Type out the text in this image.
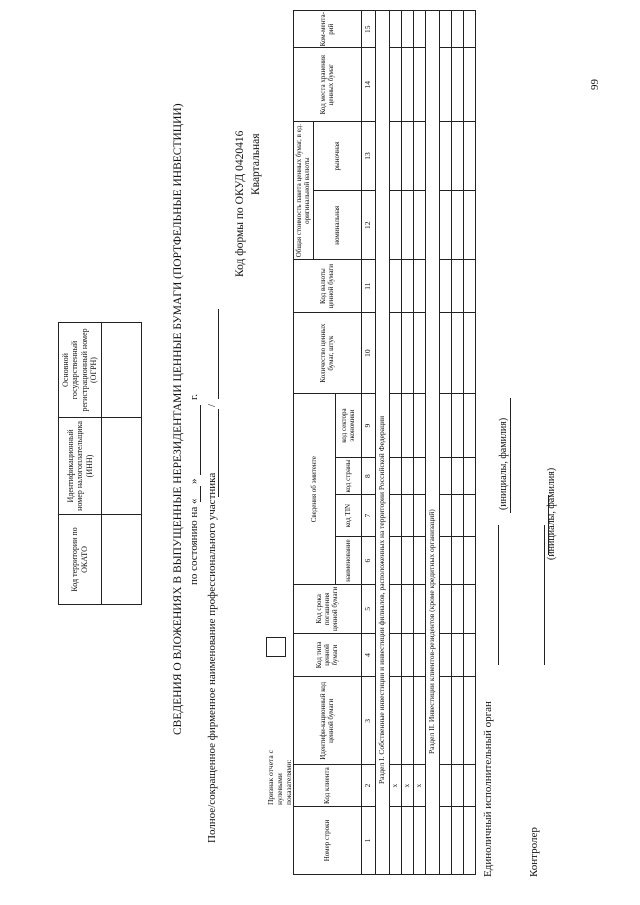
Код территории по ОКАТО	Идентификационный номер налогоплательщика (ИНН)	Основной государственный регистрационный номер (ОГРН)
			СВЕДЕНИЯ О ВЛОЖЕНИЯХ В ВЫПУЩЕННЫЕ НЕРЕЗИДЕНТАМИ ЦЕННЫЕ БУМАГИ (ПОРТФЕЛЬНЫЕ ИНВЕСТИЦИИ) по состоянию на «
»
г.
Полное/сокращенное фирменное наименование профессионального участника
/
Код формы по ОКУД 0420416 Квартальная
Признак отчета с нулевыми показателями:
Номер строки	Код клиента	Идентифи-кационный код ценной бумаги	Код типа ценной бумаги	Код срока погашения ценной бумаги	Сведения об эмитенте				Количество ценных бумаг, штук	Код валюты ценной бумаги	Общая стоимость пакета ценных бумаг, в ед. оригинальной валюты		Код места хранения ценных бумаг	Ком-мента-рий
											номинальная	рыночная		
					наименование	код TIN	код страны	код сектора экономики						
1	2	3	4	5	6	7	8	9	10	11	12	13	14	15
Раздел I. Собственные инвестиции и инвестиции филиалов, расположенных на территории Российской Федерации														
	х													
	х													
	х													
Раздел II. Инвестиции клиентов-резидентов (кроме кредитных организаций)														

Единоличный исполнительный орган
(инициалы, фамилия)
Контролер
(инициалы, фамилия)
99
